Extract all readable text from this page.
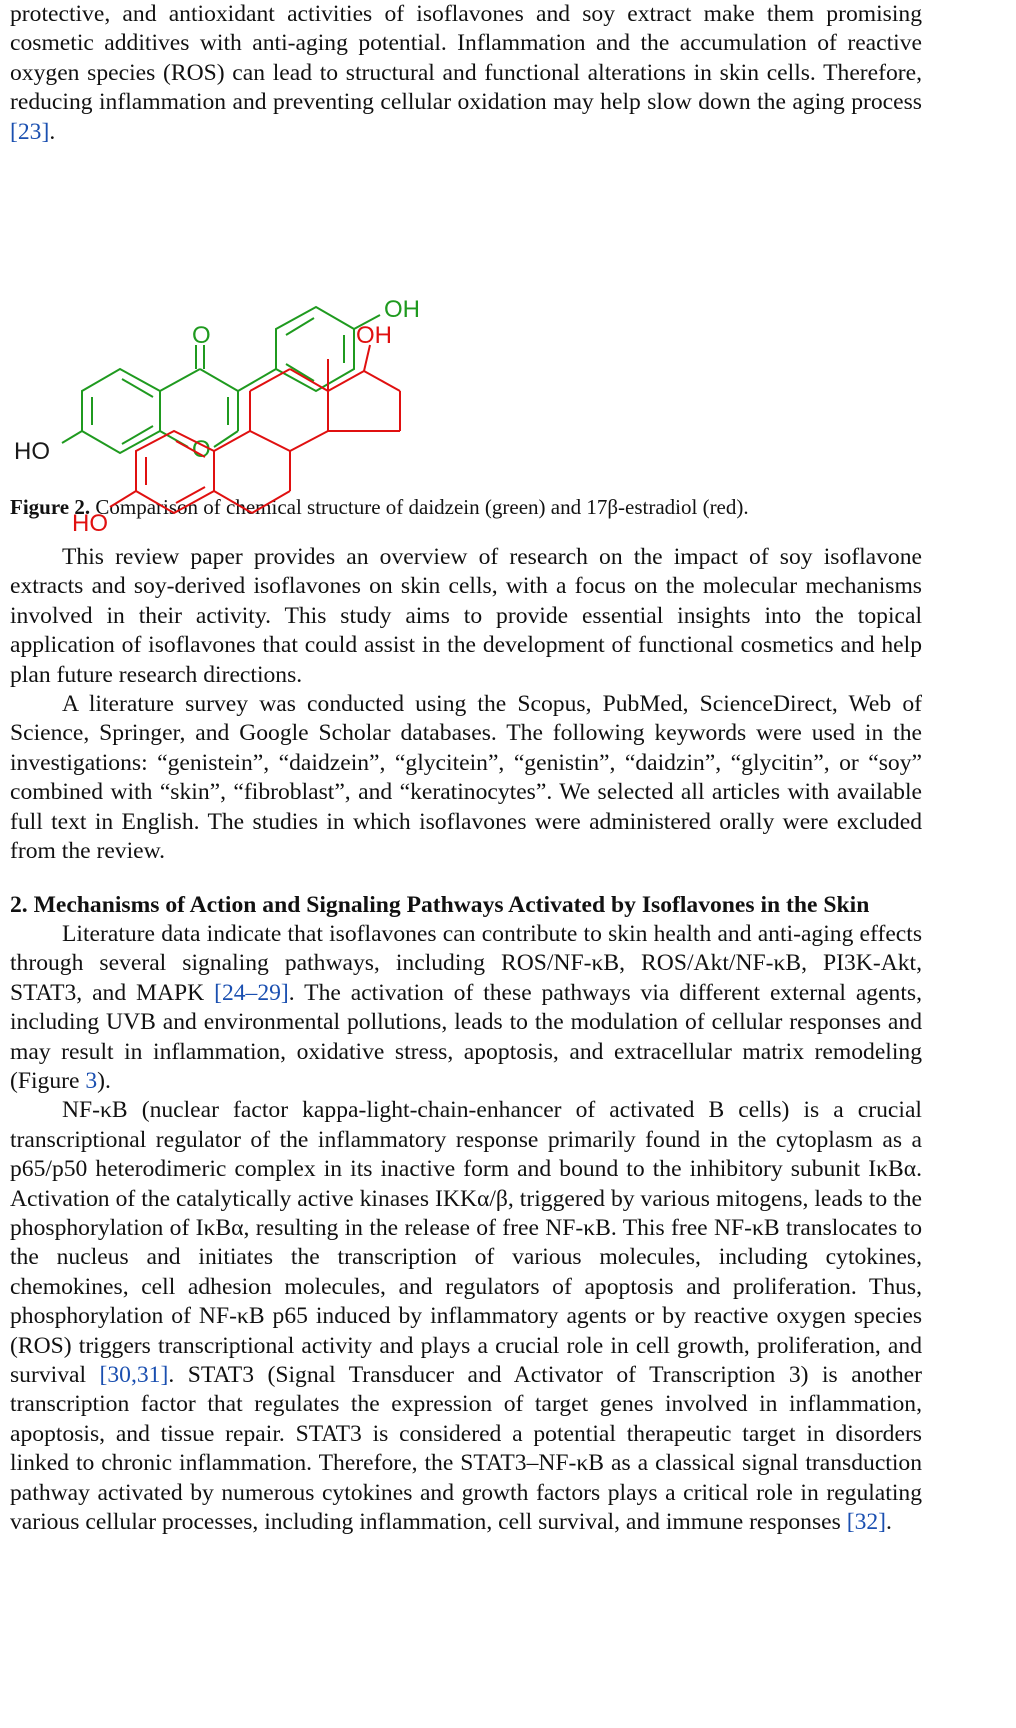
protective, and antioxidant activities of isoflavones and soy extract make them promising cosmetic additives with anti-aging potential. Inflammation and the accumulation of reactive oxygen species (ROS) can lead to structural and functional alterations in skin cells. Therefore, reducing inflammation and preventing cellular oxidation may help slow down the aging process [23].

OH
O
O
HO
OH
HO

Figure 2. Comparison of chemical structure of daidzein (green) and 17β-estradiol (red).

This review paper provides an overview of research on the impact of soy isoflavone extracts and soy-derived isoflavones on skin cells, with a focus on the molecular mechanisms involved in their activity. This study aims to provide essential insights into the topical application of isoflavones that could assist in the development of functional cosmetics and help plan future research directions.

A literature survey was conducted using the Scopus, PubMed, ScienceDirect, Web of Science, Springer, and Google Scholar databases. The following keywords were used in the investigations: “genistein”, “daidzein”, “glycitein”, “genistin”, “daidzin”, “glycitin”, or “soy” combined with “skin”, “fibroblast”, and “keratinocytes”. We selected all articles with available full text in English. The studies in which isoflavones were administered orally were excluded from the review.

2. Mechanisms of Action and Signaling Pathways Activated by Isoflavones in the Skin

Literature data indicate that isoflavones can contribute to skin health and anti-aging effects through several signaling pathways, including ROS/NF-κB, ROS/Akt/NF-κB, PI3K-Akt, STAT3, and MAPK [24–29]. The activation of these pathways via different external agents, including UVB and environmental pollutions, leads to the modulation of cellular responses and may result in inflammation, oxidative stress, apoptosis, and extracellular matrix remodeling (Figure 3).

NF-κB (nuclear factor kappa-light-chain-enhancer of activated B cells) is a crucial transcriptional regulator of the inflammatory response primarily found in the cytoplasm as a p65/p50 heterodimeric complex in its inactive form and bound to the inhibitory subunit IκBα. Activation of the catalytically active kinases IKKα/β, triggered by various mitogens, leads to the phosphorylation of IκBα, resulting in the release of free NF-κB. This free NF-κB translocates to the nucleus and initiates the transcription of various molecules, including cytokines, chemokines, cell adhesion molecules, and regulators of apoptosis and proliferation. Thus, phosphorylation of NF-κB p65 induced by inflammatory agents or by reactive oxygen species (ROS) triggers transcriptional activity and plays a crucial role in cell growth, proliferation, and survival [30,31]. STAT3 (Signal Transducer and Activator of Transcription 3) is another transcription factor that regulates the expression of target genes involved in inflammation, apoptosis, and tissue repair. STAT3 is considered a potential therapeutic target in disorders linked to chronic inflammation. Therefore, the STAT3–NF-κB as a classical signal transduction pathway activated by numerous cytokines and growth factors plays a critical role in regulating various cellular processes, including inflammation, cell survival, and immune responses [32].
